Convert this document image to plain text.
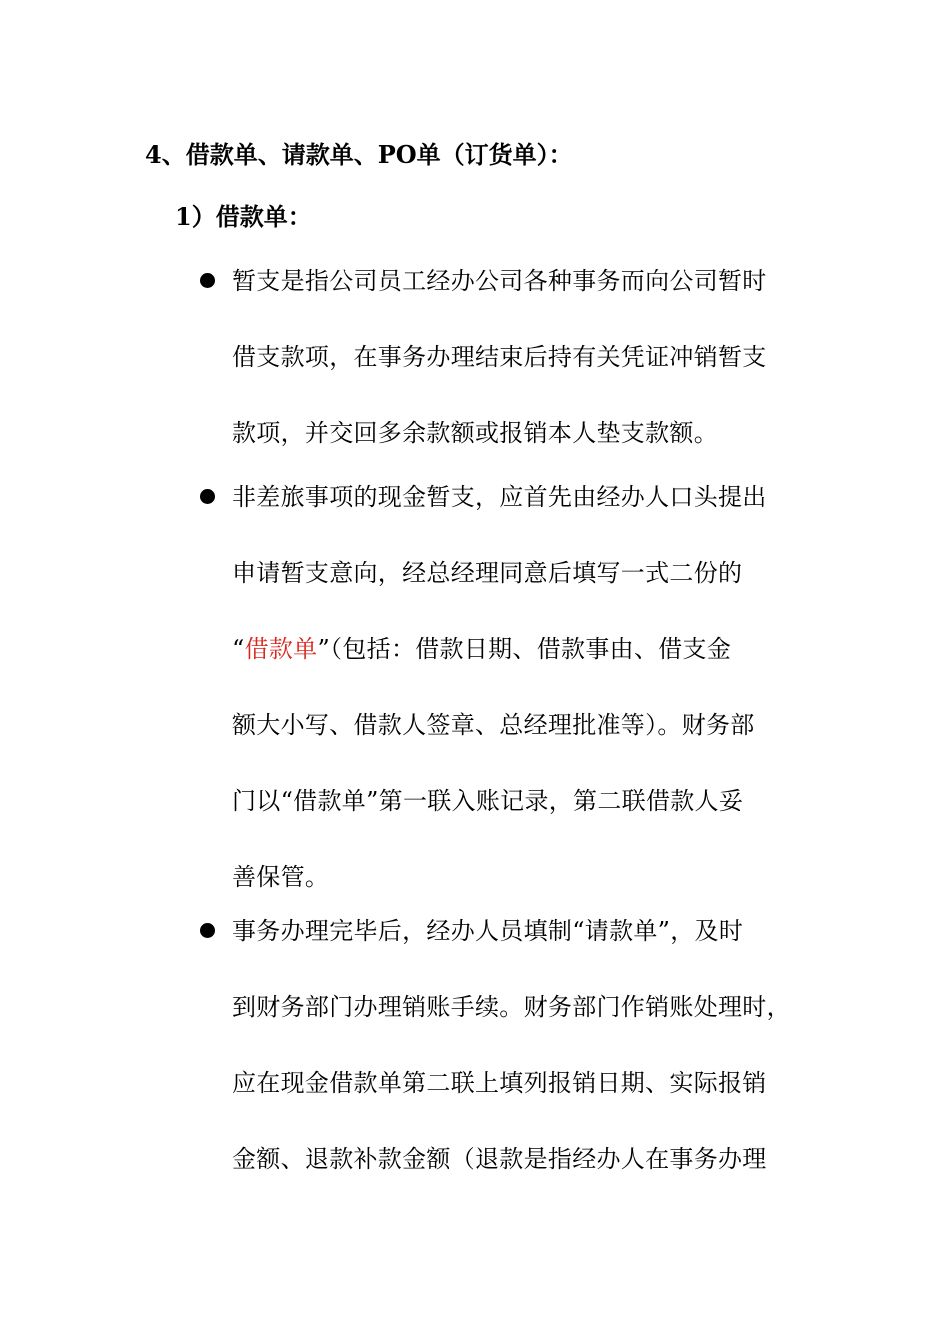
4、借款单、请款单、PO单（订货单）：
1）借款单：
暂支是指公司员工经办公司各种事务而向公司暂时
借支款项，在事务办理结束后持有关凭证冲销暂支
款项，并交回多余款额或报销本人垫支款额。
非差旅事项的现金暂支，应首先由经办人口头提出
申请暂支意向，经总经理同意后填写一式二份的
“借款单”（包括：借款日期、借款事由、借支金
额大小写、借款人签章、总经理批准等）。财务部
门以“借款单”第一联入账记录，第二联借款人妥
善保管。
事务办理完毕后，经办人员填制“请款单”，及时
到财务部门办理销账手续。财务部门作销账处理时，
应在现金借款单第二联上填列报销日期、实际报销
金额、退款补款金额（退款是指经办人在事务办理
